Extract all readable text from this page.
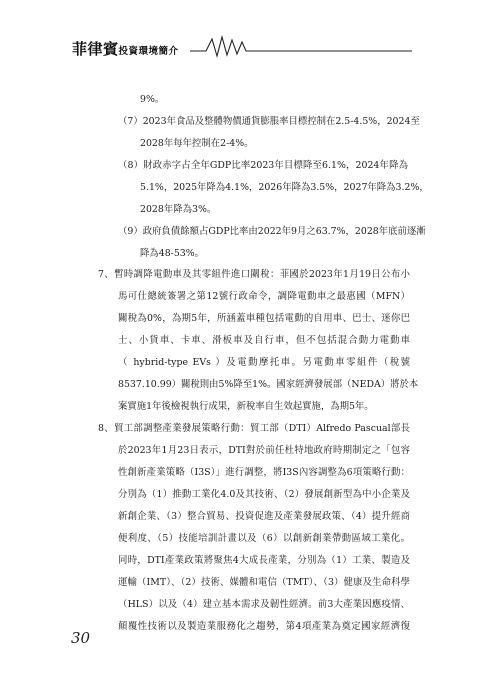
菲律賓投資環境簡介
9%。
（7）2023年食品及整體物價通貨膨脹率目標控制在2.5-4.5%，2024至
2028年每年控制在2-4%。
（8）財政赤字占全年GDP比率2023年目標降至6.1%，2024年降為
5.1%，2025年降為4.1%，2026年降為3.5%，2027年降為3.2%，
2028年降為3%。
（9）政府負債餘額占GDP比率由2022年9月之63.7%，2028年底前逐漸
降為48-53%。
7、暫時調降電動車及其零組件進口關稅：菲國於2023年1月19日公布小
馬可仕總統簽署之第12號行政命令，調降電動車之最惠國（MFN）
關稅為0%，為期5年，所涵蓋車種包括電動的自用車、巴士、迷你巴
士、小貨車、卡車、滑板車及自行車，但不包括混合動力電動車
（ hybrid-type EVs ）及電動摩托車。另電動車零組件（稅號
8537.10.99）關稅則由5%降至1%。國家經濟發展部（NEDA）將於本
案實施1年後檢視執行成果，新稅率自生效起實施，為期5年。
8、貿工部調整產業發展策略行動：貿工部（DTI）Alfredo Pascual部長
於2023年1月23日表示，DTI對於前任杜特地政府時期制定之「包容
性創新產業策略（I3S）」進行調整，將I3S內容調整為6項策略行動：
分別為（1）推動工業化4.0及其技術、（2）發展創新型為中小企業及
新創企業、（3）整合貿易、投資促進及產業發展政策、（4）提升經商
便利度、（5）技能培訓計畫以及（6）以創新創業帶動區域工業化。
同時，DTI產業政策將聚焦4大成長產業，分別為（1）工業、製造及
運輸（IMT）、（2）技術、媒體和電信（TMT）、（3）健康及生命科學
（HLS）以及（4）建立基本需求及韌性經濟。前3大產業因應疫情、
顛覆性技術以及製造業服務化之趨勢，第4項產業為奠定國家經濟復
30
